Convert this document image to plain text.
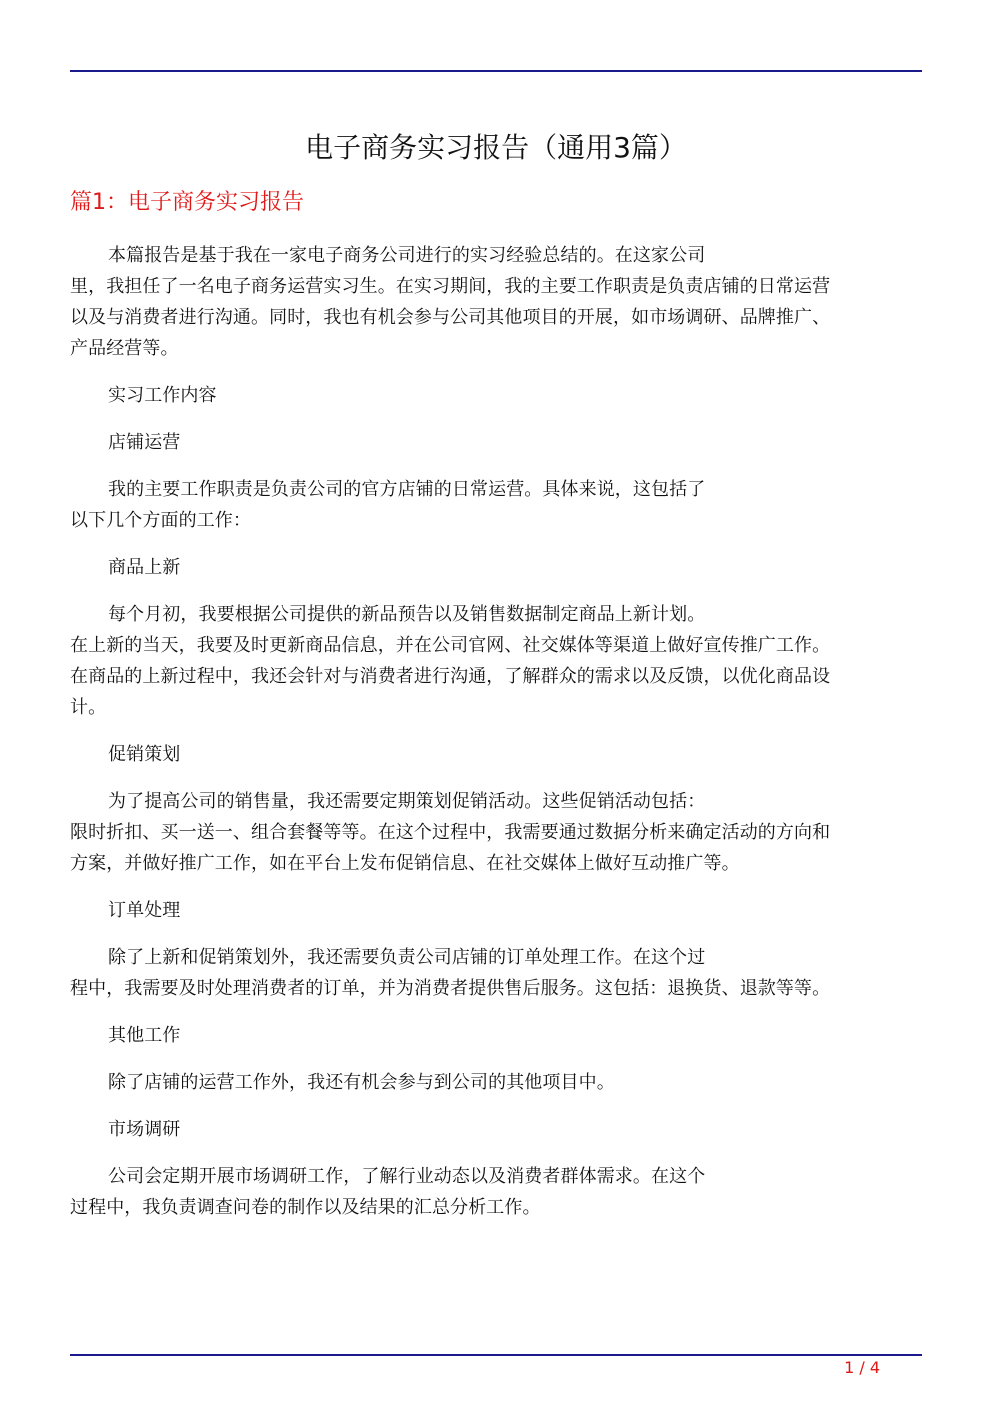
电子商务实习报告（通用3篇）
篇1：电子商务实习报告

本篇报告是基于我在一家电子商务公司进行的实习经验总结的。在这家公司
里，我担任了一名电子商务运营实习生。在实习期间，我的主要工作职责是负责店铺的日常运营
以及与消费者进行沟通。同时，我也有机会参与公司其他项目的开展，如市场调研、品牌推广、
产品经营等。

实习工作内容

店铺运营

我的主要工作职责是负责公司的官方店铺的日常运营。具体来说，这包括了
以下几个方面的工作：

商品上新

每个月初，我要根据公司提供的新品预告以及销售数据制定商品上新计划。
在上新的当天，我要及时更新商品信息，并在公司官网、社交媒体等渠道上做好宣传推广工作。
在商品的上新过程中，我还会针对与消费者进行沟通，了解群众的需求以及反馈，以优化商品设
计。

促销策划

为了提高公司的销售量，我还需要定期策划促销活动。这些促销活动包括：
限时折扣、买一送一、组合套餐等等。在这个过程中，我需要通过数据分析来确定活动的方向和
方案，并做好推广工作，如在平台上发布促销信息、在社交媒体上做好互动推广等。

订单处理

除了上新和促销策划外，我还需要负责公司店铺的订单处理工作。在这个过
程中，我需要及时处理消费者的订单，并为消费者提供售后服务。这包括：退换货、退款等等。

其他工作

除了店铺的运营工作外，我还有机会参与到公司的其他项目中。

市场调研

公司会定期开展市场调研工作，了解行业动态以及消费者群体需求。在这个
过程中，我负责调查问卷的制作以及结果的汇总分析工作。

1 / 4
